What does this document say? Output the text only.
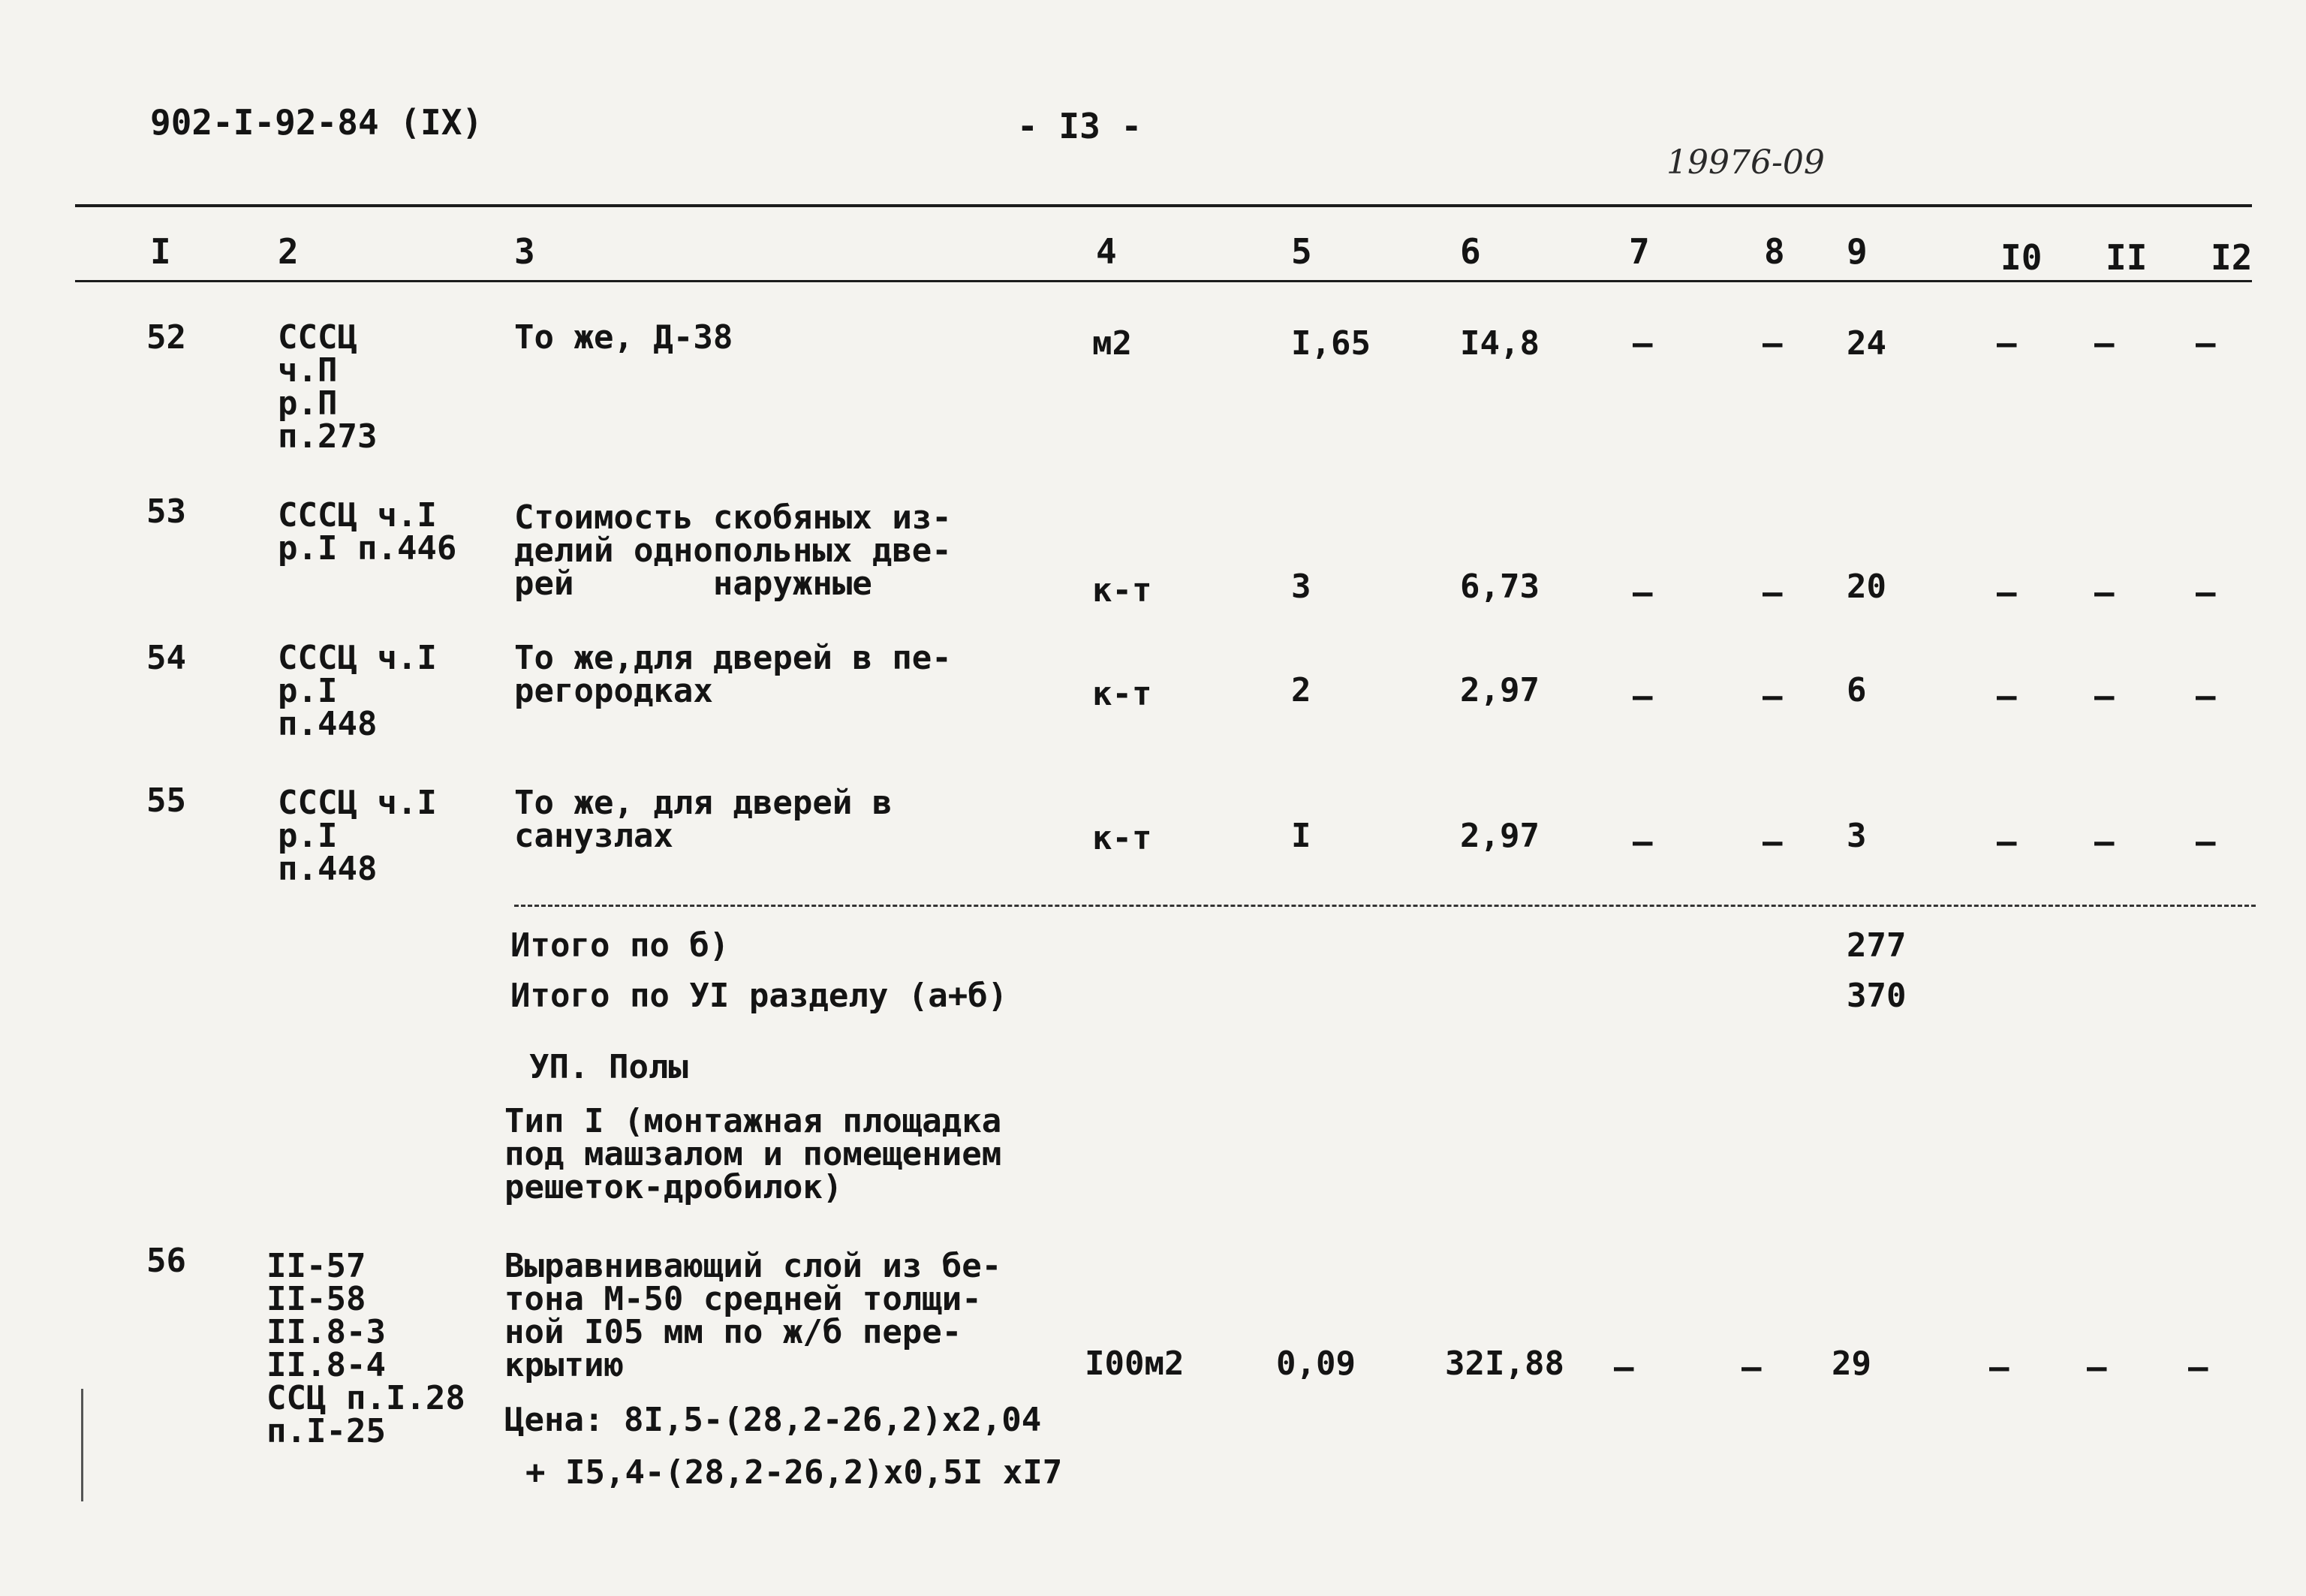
902-I-92-84 (IX)	- I3 -
19976-09
I	2	3	4	5	6	7	8 9	I0 II I2
52	СССЦ
ч.П
р.П
п.273
То же, Д-38	м2	I,65	I4,8	–	– 24	– – –
53	СССЦ ч.I
р.I п.446
Стоимость скобяных из-
делий однопольных две-
рей       наружные	к-т	3	6,73	–	– 20	– – –
54	СССЦ ч.I
р.I
п.448
То же,для дверей в пе-
регородках	к-т	2	2,97	–	– 6	– – –
55	СССЦ ч.I
р.I
п.448
То же, для дверей в
санузлах	к-т	I	2,97	–	– 3	– – –
Итого по б)	277
Итого по УI разделу (а+б)	370
УП. Полы
Тип I (монтажная площадка
под машзалом и помещением
решеток-дробилок)
56 II-57
II-58
II.8-3
II.8-4
ССЦ п.I.28
п.I-25
Выравнивающий слой из бе-
тона М-50 средней толщи-
ной I05 мм по ж/б пере-
крытию	I00м2	0,09	32I,88 –	– 29	– – –
Цена: 8I,5-(28,2-26,2)x2,04
+ I5,4-(28,2-26,2)x0,5I xI7
